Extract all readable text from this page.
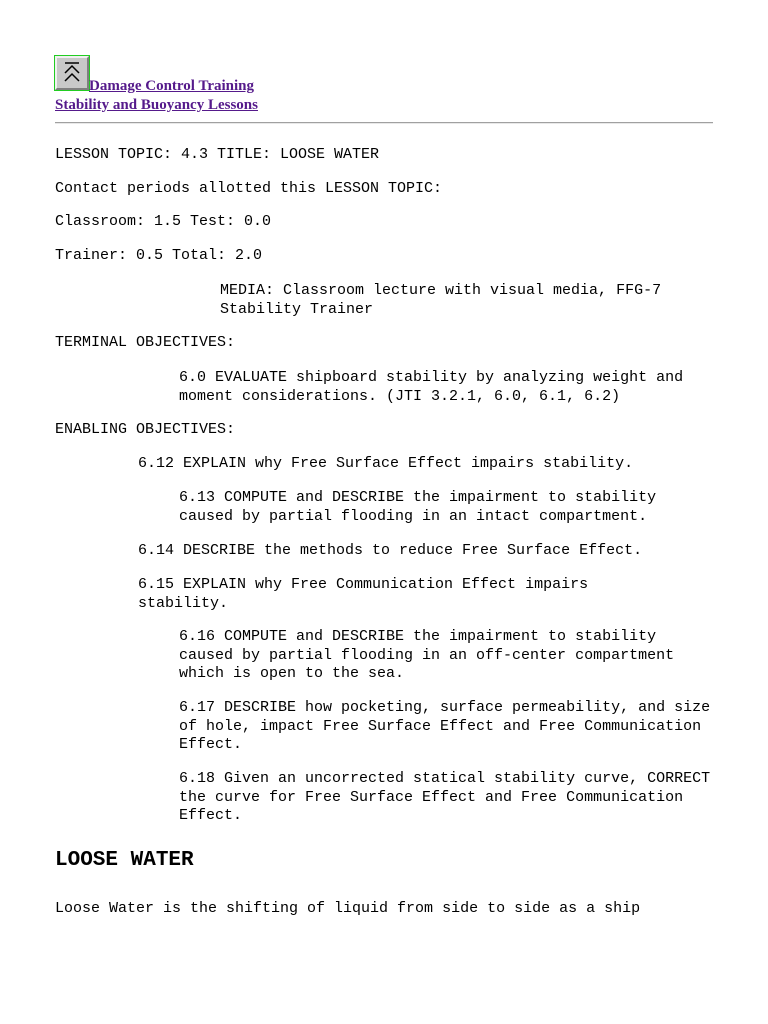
Damage Control Training
Stability and Buoyancy Lessons
LESSON TOPIC: 4.3 TITLE: LOOSE WATER
Contact periods allotted this LESSON TOPIC:
Classroom: 1.5 Test: 0.0
Trainer: 0.5 Total: 2.0
MEDIA: Classroom lecture with visual media, FFG-7 Stability Trainer
TERMINAL OBJECTIVES:
6.0 EVALUATE shipboard stability by analyzing weight and moment considerations. (JTI 3.2.1, 6.0, 6.1, 6.2)
ENABLING OBJECTIVES:
6.12 EXPLAIN why Free Surface Effect impairs stability.
6.13 COMPUTE and DESCRIBE the impairment to stability caused by partial flooding in an intact compartment.
6.14 DESCRIBE the methods to reduce Free Surface Effect.
6.15 EXPLAIN why Free Communication Effect impairs stability.
6.16 COMPUTE and DESCRIBE the impairment to stability caused by partial flooding in an off-center compartment which is open to the sea.
6.17 DESCRIBE how pocketing, surface permeability, and size of hole, impact Free Surface Effect and Free Communication Effect.
6.18 Given an uncorrected statical stability curve, CORRECT the curve for Free Surface Effect and Free Communication Effect.
LOOSE WATER
Loose Water is the shifting of liquid from side to side as a ship
